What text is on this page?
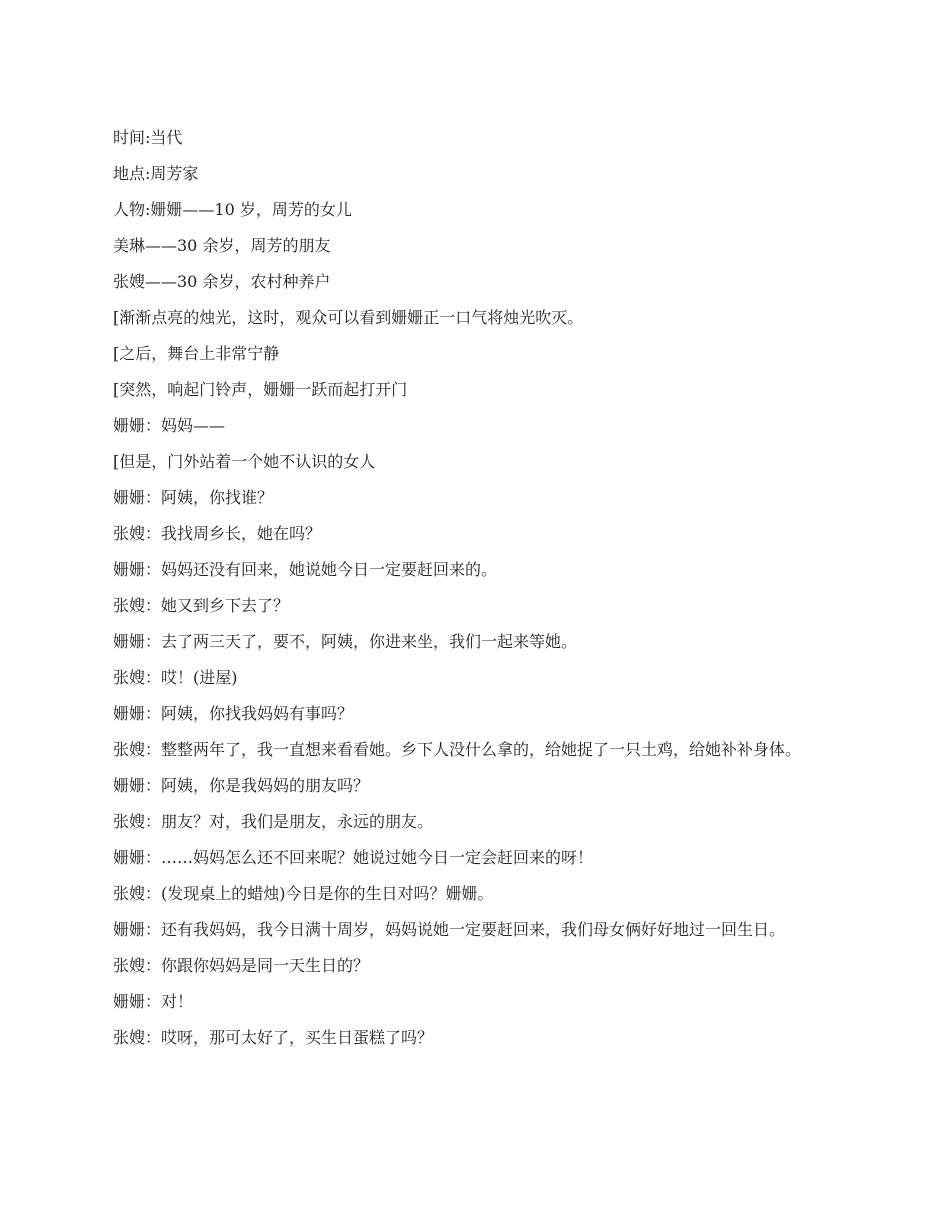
时间:当代

地点:周芳家

人物:姗姗——10 岁，周芳的女儿

美琳——30 余岁，周芳的朋友

张嫂——30 余岁，农村种养户

[渐渐点亮的烛光，这时，观众可以看到姗姗正一口气将烛光吹灭。

[之后，舞台上非常宁静

[突然，响起门铃声，姗姗一跃而起打开门

姗姗：妈妈——

[但是，门外站着一个她不认识的女人

姗姗：阿姨，你找谁？

张嫂：我找周乡长，她在吗？

姗姗：妈妈还没有回来，她说她今日一定要赶回来的。

张嫂：她又到乡下去了？

姗姗：去了两三天了，要不，阿姨，你进来坐，我们一起来等她。

张嫂：哎！(进屋)

姗姗：阿姨，你找我妈妈有事吗？

张嫂：整整两年了，我一直想来看看她。乡下人没什么拿的，给她捉了一只土鸡，给她补补身体。

姗姗：阿姨，你是我妈妈的朋友吗？

张嫂：朋友？对，我们是朋友，永远的朋友。

姗姗：……妈妈怎么还不回来呢？她说过她今日一定会赶回来的呀！

张嫂：(发现桌上的蜡烛)今日是你的生日对吗？姗姗。

姗姗：还有我妈妈，我今日满十周岁，妈妈说她一定要赶回来，我们母女俩好好地过一回生日。

张嫂：你跟你妈妈是同一天生日的？

姗姗：对！

张嫂：哎呀，那可太好了，买生日蛋糕了吗？
